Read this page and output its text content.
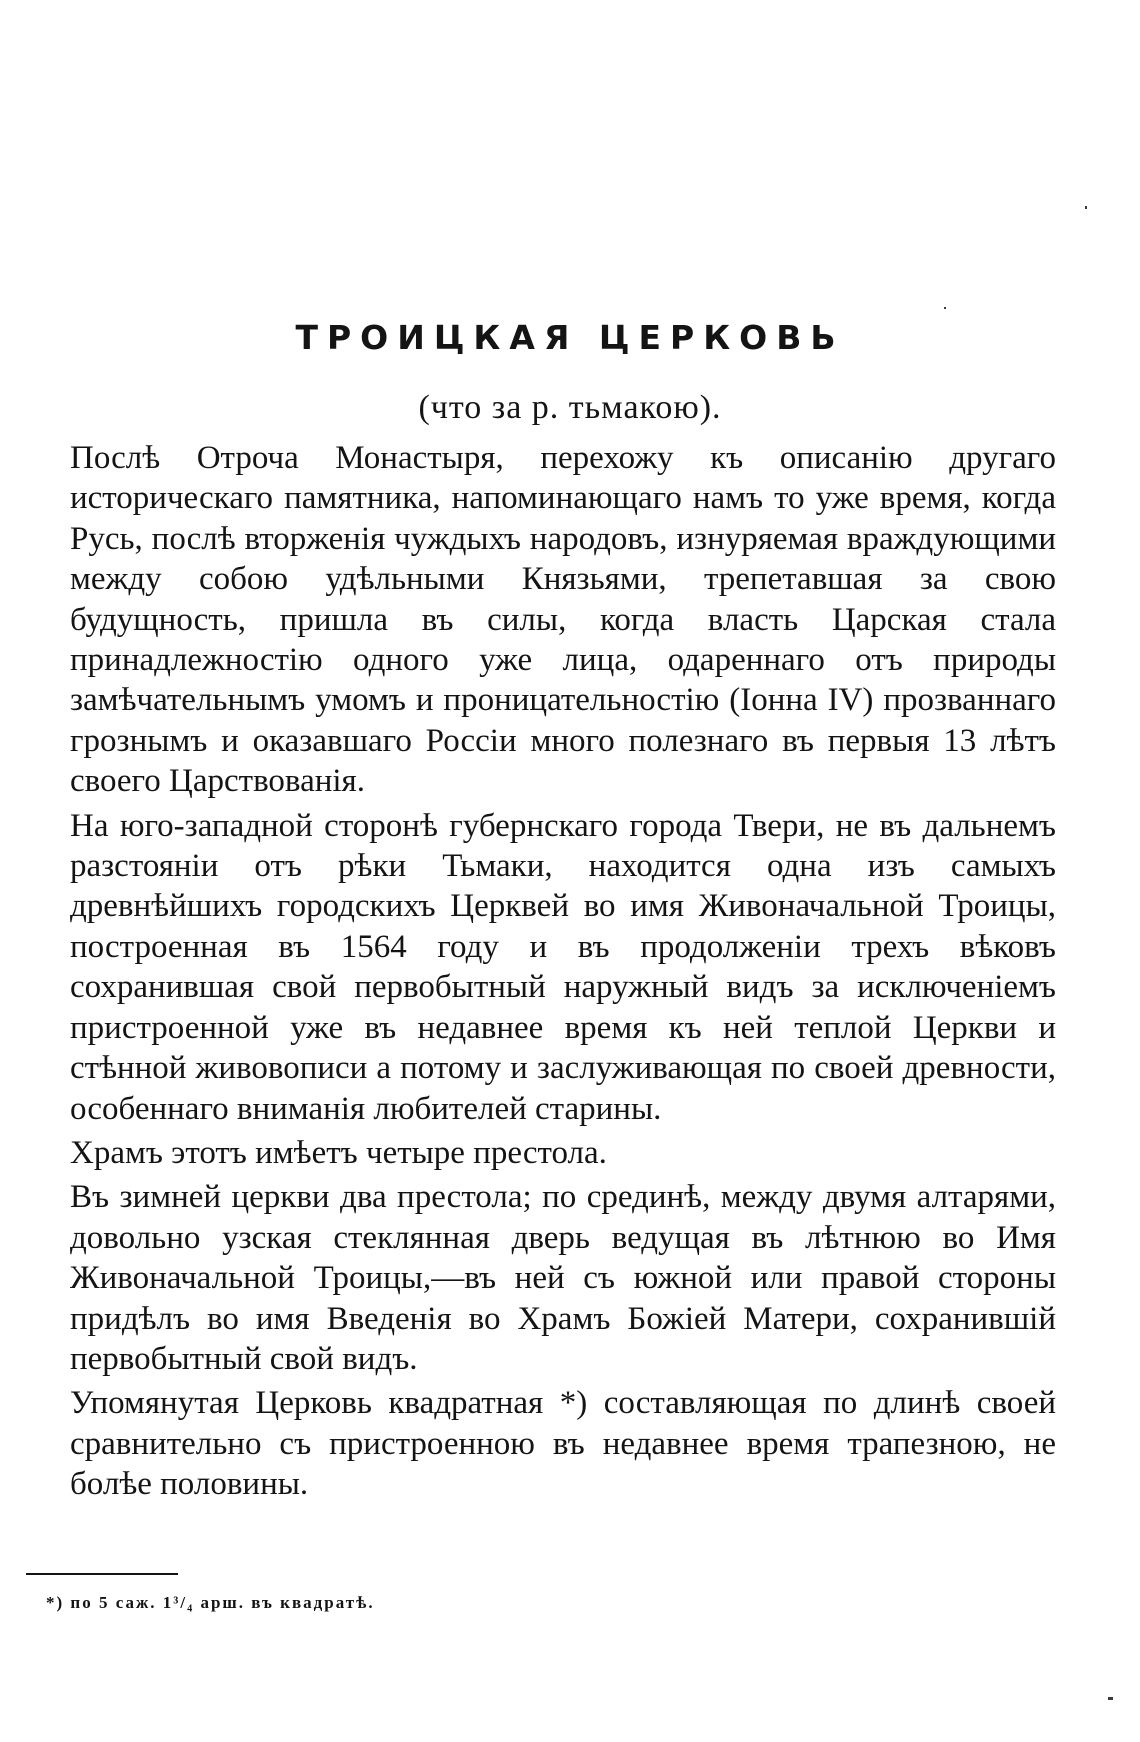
ТРОИЦКАЯ ЦЕРКОВЬ
(что за р. тьмакою).

Послѣ Отроча Монастыря, перехожу къ описанію другаго историческаго памятника, напоминающаго намъ то уже время, когда Русь, послѣ вторженія чуждыхъ народовъ, изнуряемая враждующими между собою удѣльными Князьями, трепетавшая за свою будущность, пришла въ силы, когда власть Царская стала принадлежностію одного уже лица, одареннаго отъ природы замѣчательнымъ умомъ и проницательностію (Іонна IV) прозваннаго грознымъ и оказавшаго Россіи много полезнаго въ первыя 13 лѣтъ своего Царствованія.

На юго-западной сторонѣ губернскаго города Твери, не въ дальнемъ разстояніи отъ рѣки Тьмаки, находится одна изъ самыхъ древнѣйшихъ городскихъ Церквей во имя Живоначальной Троицы, построенная въ 1564 году и въ продолженіи трехъ вѣковъ сохранившая свой первобытный наружный видъ за исключеніемъ пристроенной уже въ недавнее время къ ней теплой Церкви и стѣнной живовописи а потому и заслуживающая по своей древности, особеннаго вниманія любителей старины.

Храмъ этотъ имѣетъ четыре престола.

Въ зимней церкви два престола; по срединѣ, между двумя алтарями, довольно узская стеклянная дверь ведущая въ лѣтнюю во Имя Живоначальной Троицы,—въ ней съ южной или правой стороны придѣлъ во имя Введенія во Храмъ Божіей Матери, сохранившій первобытный свой видъ.

Упомянутая Церковь квадратная *) составляющая по длинѣ своей сравнительно съ пристроенною въ недавнее время трапезною, не болѣе половины.

*) по 5 саж. 1³/₄ арш. въ квадратѣ.
